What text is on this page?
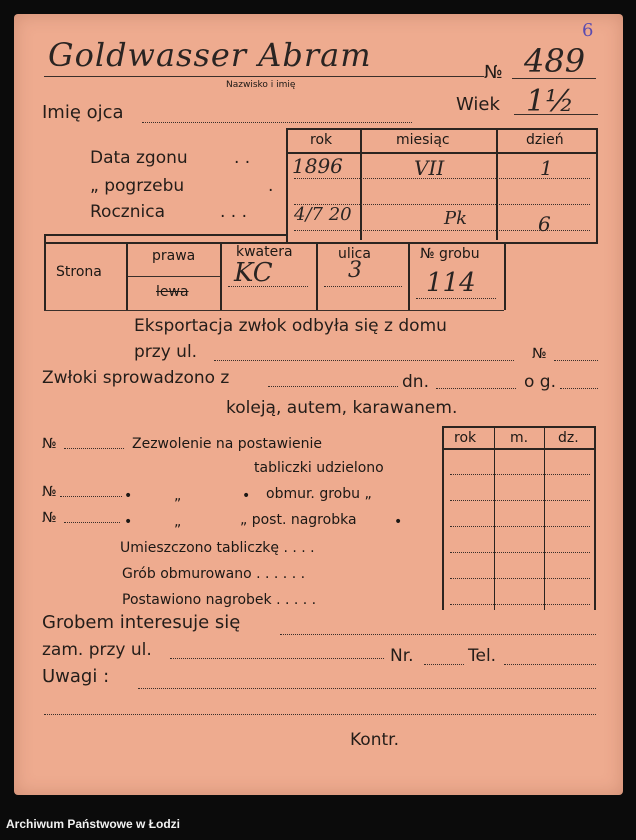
Goldwasser Abram
Nazwisko i imię
№ 489
6
Imię ojca	Wiek 1½
Data zgonu	. .
„ pogrzebu	.
Rocznica	. . .
rok	miesiąc	dzień
1896	VII	1
4/7 20	Pk	6
Strona
prawa
lewa
kwatera
KC
ulica
3
№ grobu
114
Eksportacja zwłok odbyła się z domu
przy ul.	№
Zwłoki sprowadzono z	dn.	o g.
koleją, autem, karawanem.
№	Zezwolenie na postawienie
tabliczki udzielono
№	•	„	• obmur. grobu „
№	•	„	„ post. nagrobka	•
Umieszczono tabliczkę . . . .
Grób obmurowano . . . . . .
Postawiono nagrobek . . . . .
rok m. dz.
Grobem interesuje się
zam. przy ul.	Nr.	Tel.
Uwagi :
Kontr.
Archiwum Państwowe w Łodzi
